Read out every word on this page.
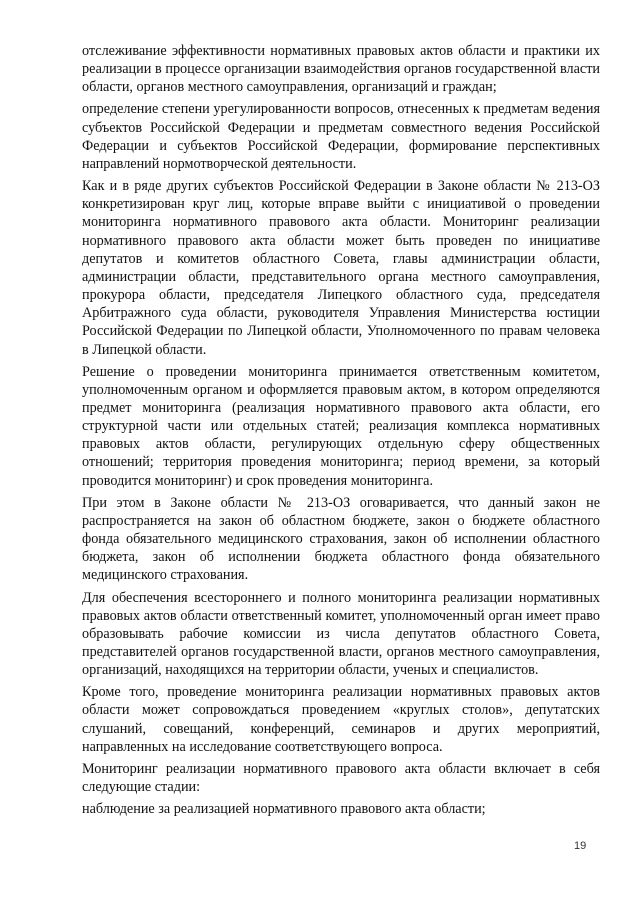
отслеживание эффективности нормативных правовых актов области и практики их реализации в процессе организации взаимодействия органов государственной власти области, органов местного самоуправления, организаций и граждан;

определение степени урегулированности вопросов, отнесенных к предметам ведения субъектов Российской Федерации и предметам совместного ведения Российской Федерации и субъектов Российской Федерации, формирование перспективных направлений нормотворческой деятельности.

Как и в ряде других субъектов Российской Федерации в Законе области № 213-ОЗ конкретизирован круг лиц, которые вправе выйти с инициативой о проведении мониторинга нормативного правового акта области. Мониторинг реализации нормативного правового акта области может быть проведен по инициативе депутатов и комитетов областного Совета, главы администрации области, администрации области, представительного органа местного самоуправления, прокурора области, председателя Липецкого областного суда, председателя Арбитражного суда области, руководителя Управления Министерства юстиции Российской Федерации по Липецкой области, Уполномоченного по правам человека в Липецкой области.

Решение о проведении мониторинга принимается ответственным комитетом, уполномоченным органом и оформляется правовым актом, в котором определяются предмет мониторинга (реализация нормативного правового акта области, его структурной части или отдельных статей; реализация комплекса нормативных правовых актов области, регулирующих отдельную сферу общественных отношений; территория проведения мониторинга; период времени, за который проводится мониторинг) и срок проведения мониторинга.

При этом в Законе области № 213-ОЗ оговаривается, что данный закон не распространяется на закон об областном бюджете, закон о бюджете областного фонда обязательного медицинского страхования, закон об исполнении областного бюджета, закон об исполнении бюджета областного фонда обязательного медицинского страхования.

Для обеспечения всестороннего и полного мониторинга реализации нормативных правовых актов области ответственный комитет, уполномоченный орган имеет право образовывать рабочие комиссии из числа депутатов областного Совета, представителей органов государственной власти, органов местного самоуправления, организаций, находящихся на территории области, ученых и специалистов.

Кроме того, проведение мониторинга реализации нормативных правовых актов области может сопровождаться проведением «круглых столов», депутатских слушаний, совещаний, конференций, семинаров и других мероприятий, направленных на исследование соответствующего вопроса.

Мониторинг реализации нормативного правового акта области включает в себя следующие стадии:

наблюдение за реализацией нормативного правового акта области;

19
